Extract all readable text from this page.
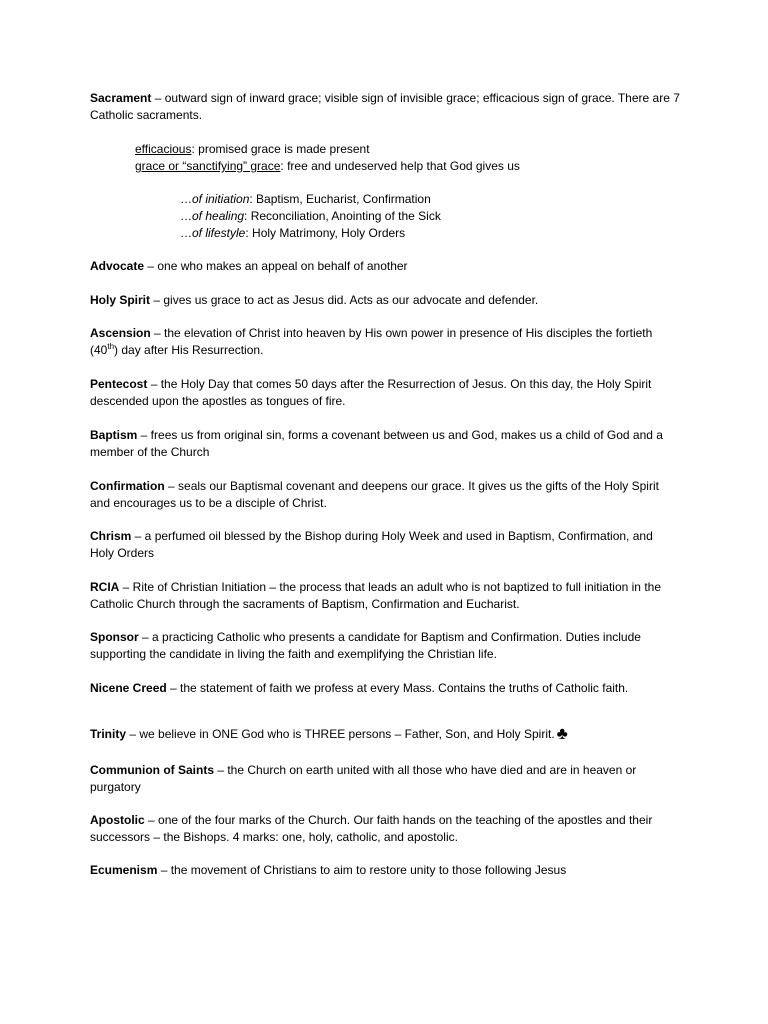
Sacrament – outward sign of inward grace; visible sign of invisible grace; efficacious sign of grace. There are 7 Catholic sacraments.

efficacious: promised grace is made present

grace or “sanctifying” grace: free and undeserved help that God gives us

…of initiation: Baptism, Eucharist, Confirmation

…of healing: Reconciliation, Anointing of the Sick

…of lifestyle: Holy Matrimony, Holy Orders

Advocate – one who makes an appeal on behalf of another

Holy Spirit – gives us grace to act as Jesus did. Acts as our advocate and defender.

Ascension – the elevation of Christ into heaven by His own power in presence of His disciples the fortieth (40th) day after His Resurrection.

Pentecost – the Holy Day that comes 50 days after the Resurrection of Jesus. On this day, the Holy Spirit descended upon the apostles as tongues of fire.

Baptism – frees us from original sin, forms a covenant between us and God, makes us a child of God and a member of the Church

Confirmation – seals our Baptismal covenant and deepens our grace. It gives us the gifts of the Holy Spirit and encourages us to be a disciple of Christ.

Chrism – a perfumed oil blessed by the Bishop during Holy Week and used in Baptism, Confirmation, and Holy Orders

RCIA – Rite of Christian Initiation – the process that leads an adult who is not baptized to full initiation in the Catholic Church through the sacraments of Baptism, Confirmation and Eucharist.

Sponsor – a practicing Catholic who presents a candidate for Baptism and Confirmation. Duties include supporting the candidate in living the faith and exemplifying the Christian life.

Nicene Creed – the statement of faith we profess at every Mass. Contains the truths of Catholic faith.

Trinity – we believe in ONE God who is THREE persons – Father, Son, and Holy Spirit. ♣

Communion of Saints – the Church on earth united with all those who have died and are in heaven or purgatory

Apostolic – one of the four marks of the Church. Our faith hands on the teaching of the apostles and their successors – the Bishops. 4 marks: one, holy, catholic, and apostolic.

Ecumenism – the movement of Christians to aim to restore unity to those following Jesus
